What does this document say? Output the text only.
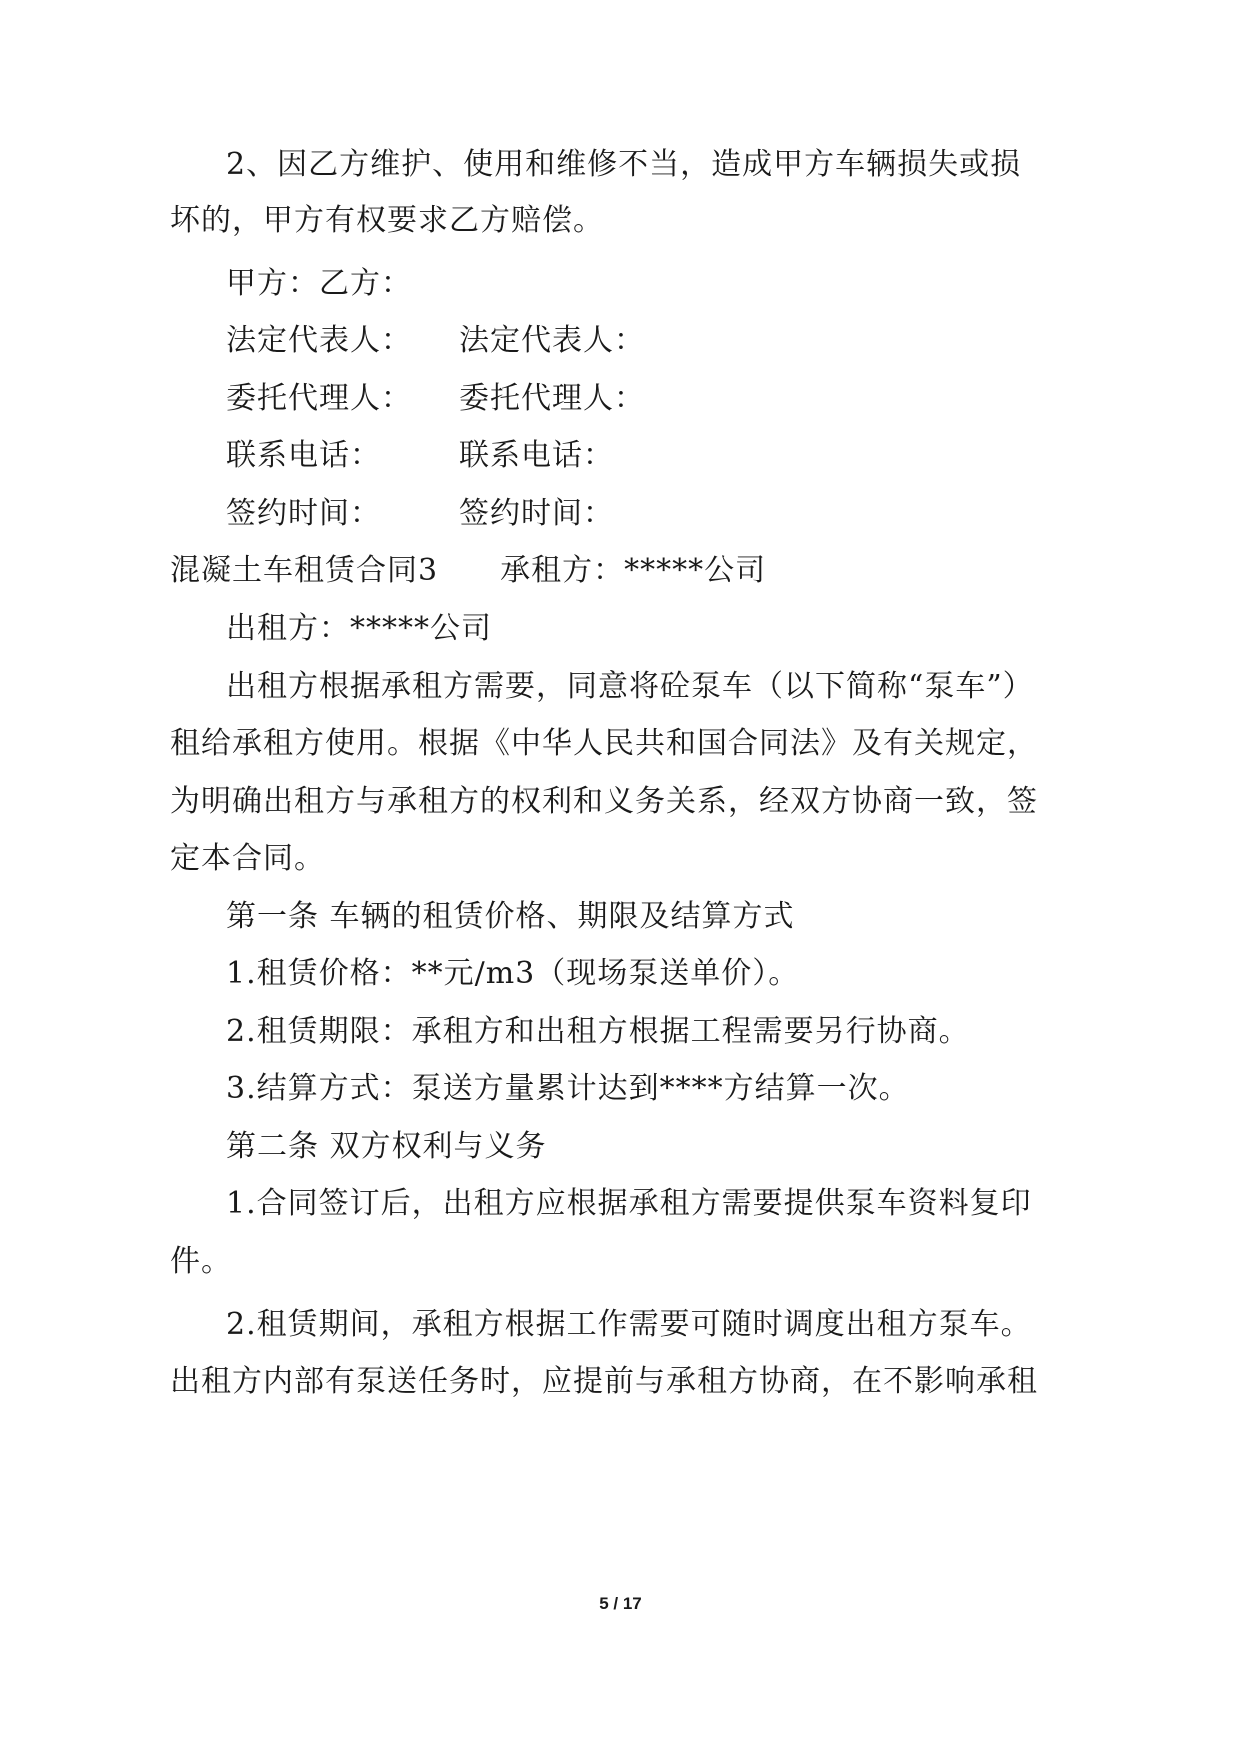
2、因乙方维护、使用和维修不当，造成甲方车辆损失或损
坏的，甲方有权要求乙方赔偿。
甲方：乙方：
法定代表人：　　法定代表人：
委托代理人：　　委托代理人：
联系电话：　　　联系电话：
签约时间：　　　签约时间：
混凝土车租赁合同3　　承租方：*****公司
出租方：*****公司
出租方根据承租方需要，同意将砼泵车（以下简称“泵车”）
租给承租方使用。根据《中华人民共和国合同法》及有关规定，
为明确出租方与承租方的权利和义务关系，经双方协商一致，签
定本合同。
第一条 车辆的租赁价格、期限及结算方式
1.租赁价格：**元/m3（现场泵送单价）。
2.租赁期限：承租方和出租方根据工程需要另行协商。
3.结算方式：泵送方量累计达到****方结算一次。
第二条 双方权利与义务
1.合同签订后，出租方应根据承租方需要提供泵车资料复印
件。
2.租赁期间，承租方根据工作需要可随时调度出租方泵车。
出租方内部有泵送任务时，应提前与承租方协商，在不影响承租
5 / 17
